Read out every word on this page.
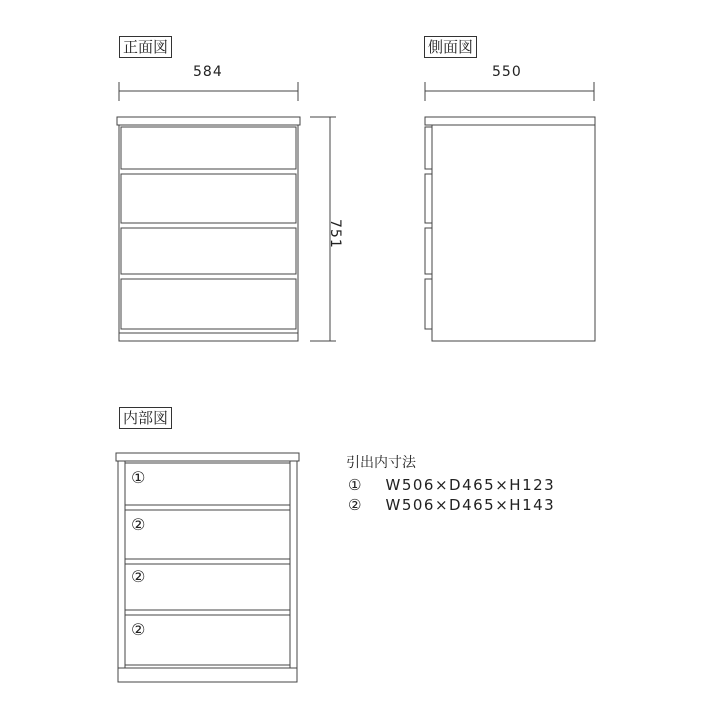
正面図	側面図
内部図
584	550
751
①
②
②
②
引出内寸法
① W506×D465×H123
② W506×D465×H143
